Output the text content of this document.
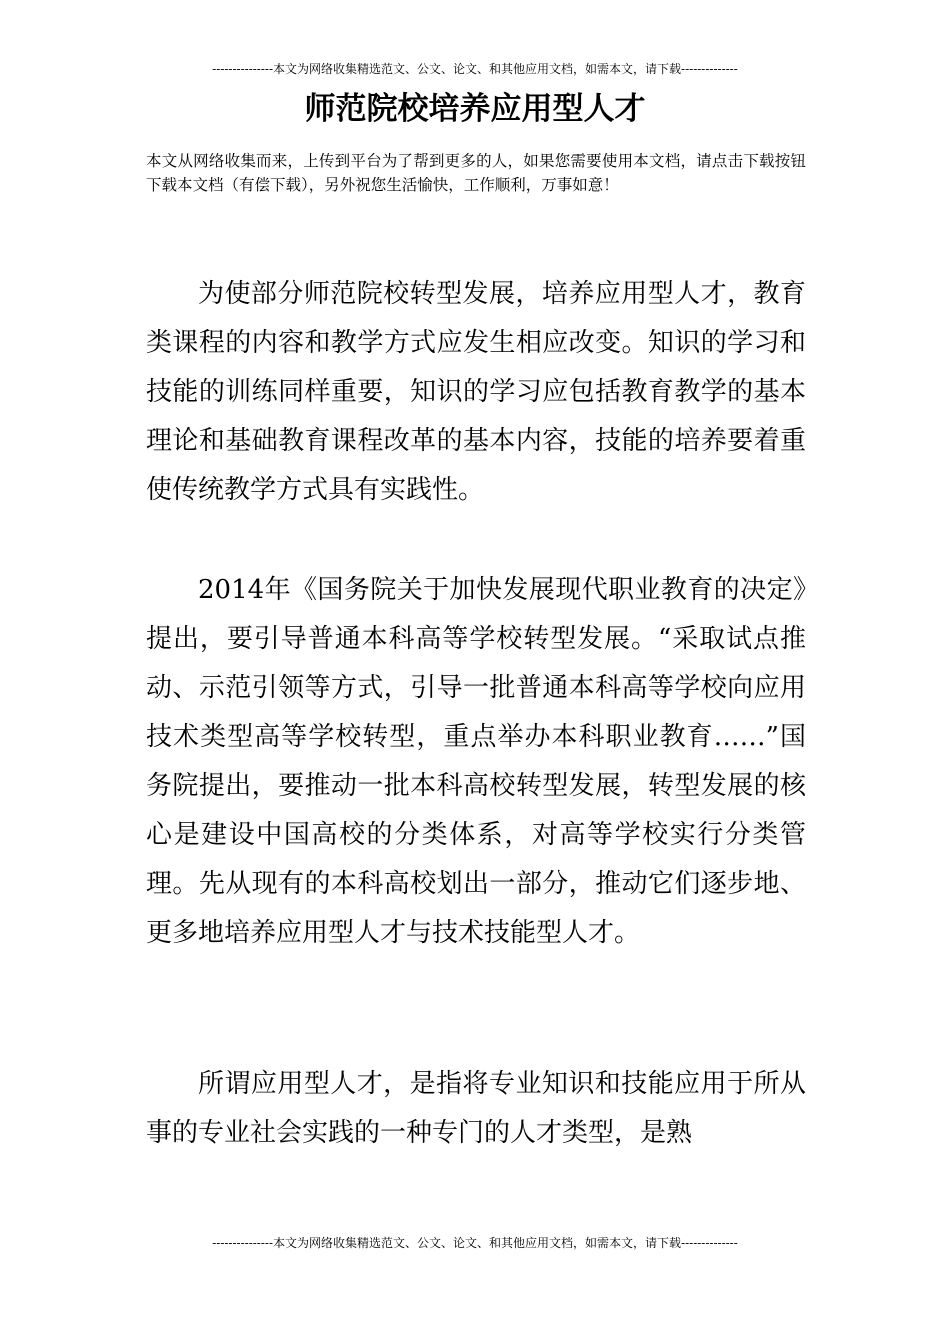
---------------本文为网络收集精选范文、公文、论文、和其他应用文档，如需本文，请下载--------------
师范院校培养应用型人才

本文从网络收集而来，上传到平台为了帮到更多的人，如果您需要使用本文档，请点击下载按钮下载本文档（有偿下载），另外祝您生活愉快，工作顺利，万事如意！

为使部分师范院校转型发展，培养应用型人才，教育类课程的内容和教学方式应发生相应改变。知识的学习和技能的训练同样重要，知识的学习应包括教育教学的基本理论和基础教育课程改革的基本内容，技能的培养要着重使传统教学方式具有实践性。

2014年《国务院关于加快发展现代职业教育的决定》提出，要引导普通本科高等学校转型发展。“采取试点推动、示范引领等方式，引导一批普通本科高等学校向应用技术类型高等学校转型，重点举办本科职业教育……”国务院提出，要推动一批本科高校转型发展，转型发展的核心是建设中国高校的分类体系，对高等学校实行分类管理。先从现有的本科高校划出一部分，推动它们逐步地、更多地培养应用型人才与技术技能型人才。

所谓应用型人才，是指将专业知识和技能应用于所从事的专业社会实践的一种专门的人才类型，是熟

---------------本文为网络收集精选范文、公文、论文、和其他应用文档，如需本文，请下载--------------
